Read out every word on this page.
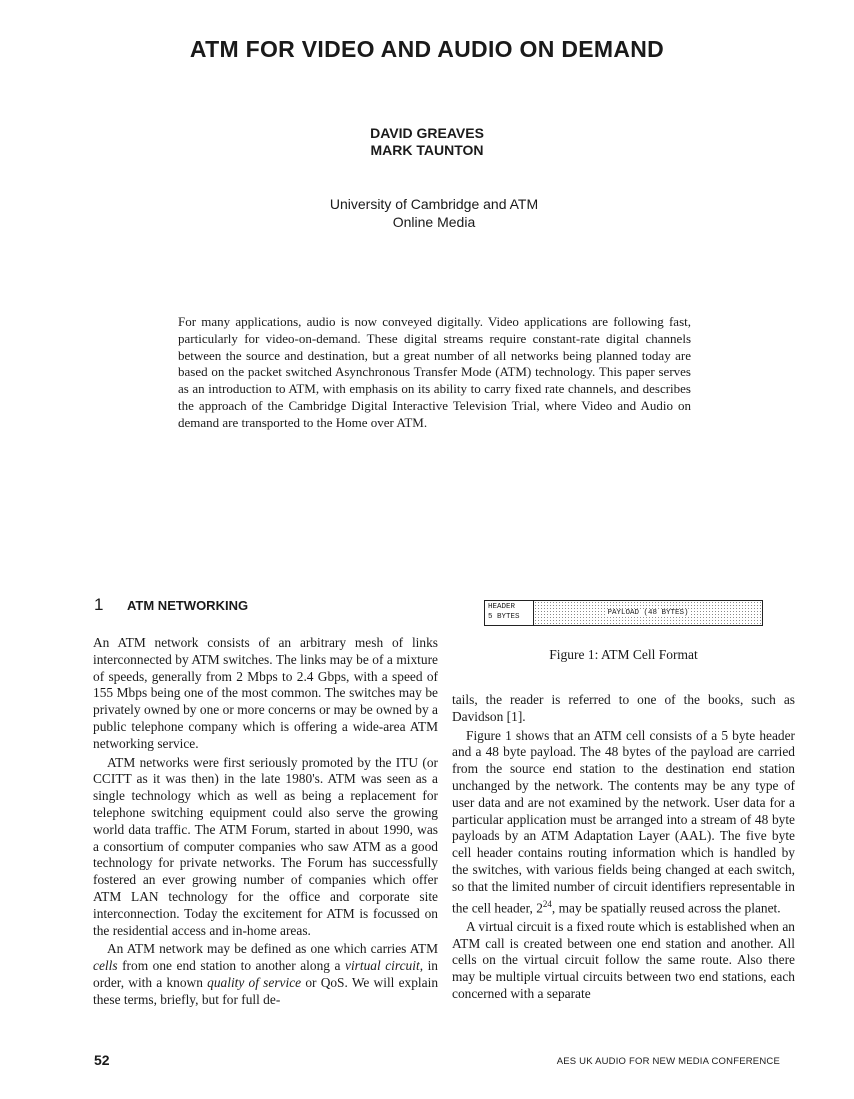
ATM FOR VIDEO AND AUDIO ON DEMAND
DAVID GREAVES
MARK TAUNTON
University of Cambridge and ATM
Online Media

For many applications, audio is now conveyed digitally. Video applications are following fast, particularly for video-on-demand. These digital streams require constant-rate digital channels between the source and destination, but a great number of all networks being planned today are based on the packet switched Asynchronous Transfer Mode (ATM) technology. This paper serves as an introduction to ATM, with emphasis on its ability to carry fixed rate channels, and describes the approach of the Cambridge Digital Interactive Television Trial, where Video and Audio on demand are transported to the Home over ATM.

1 ATM NETWORKING

An ATM network consists of an arbitrary mesh of links interconnected by ATM switches. The links may be of a mixture of speeds, generally from 2 Mbps to 2.4 Gbps, with a speed of 155 Mbps being one of the most common. The switches may be privately owned by one or more concerns or may be owned by a public telephone company which is offering a wide-area ATM networking service.

ATM networks were first seriously promoted by the ITU (or CCITT as it was then) in the late 1980's. ATM was seen as a single technology which as well as being a replacement for telephone switching equipment could also serve the growing world data traffic. The ATM Forum, started in about 1990, was a consortium of computer companies who saw ATM as a good technology for private networks. The Forum has successfully fostered an ever growing number of companies which offer ATM LAN technology for the office and corporate site interconnection. Today the excitement for ATM is focussed on the residential access and in-home areas.

An ATM network may be defined as one which carries ATM cells from one end station to another along a virtual circuit, in order, with a known quality of service or QoS. We will explain these terms, briefly, but for full de-

HEADER
5 BYTES	PAYLOAD (48 BYTES)
Figure 1: ATM Cell Format

tails, the reader is referred to one of the books, such as Davidson [1].

Figure 1 shows that an ATM cell consists of a 5 byte header and a 48 byte payload. The 48 bytes of the payload are carried from the source end station to the destination end station unchanged by the network. The contents may be any type of user data and are not examined by the network. User data for a particular application must be arranged into a stream of 48 byte payloads by an ATM Adaptation Layer (AAL). The five byte cell header contains routing information which is handled by the switches, with various fields being changed at each switch, so that the limited number of circuit identifiers representable in the cell header, $2^{24}$, may be spatially reused across the planet.

A virtual circuit is a fixed route which is established when an ATM call is created between one end station and another. All cells on the virtual circuit follow the same route. Also there may be multiple virtual circuits between two end stations, each concerned with a separate

52	AES UK AUDIO FOR NEW MEDIA CONFERENCE
